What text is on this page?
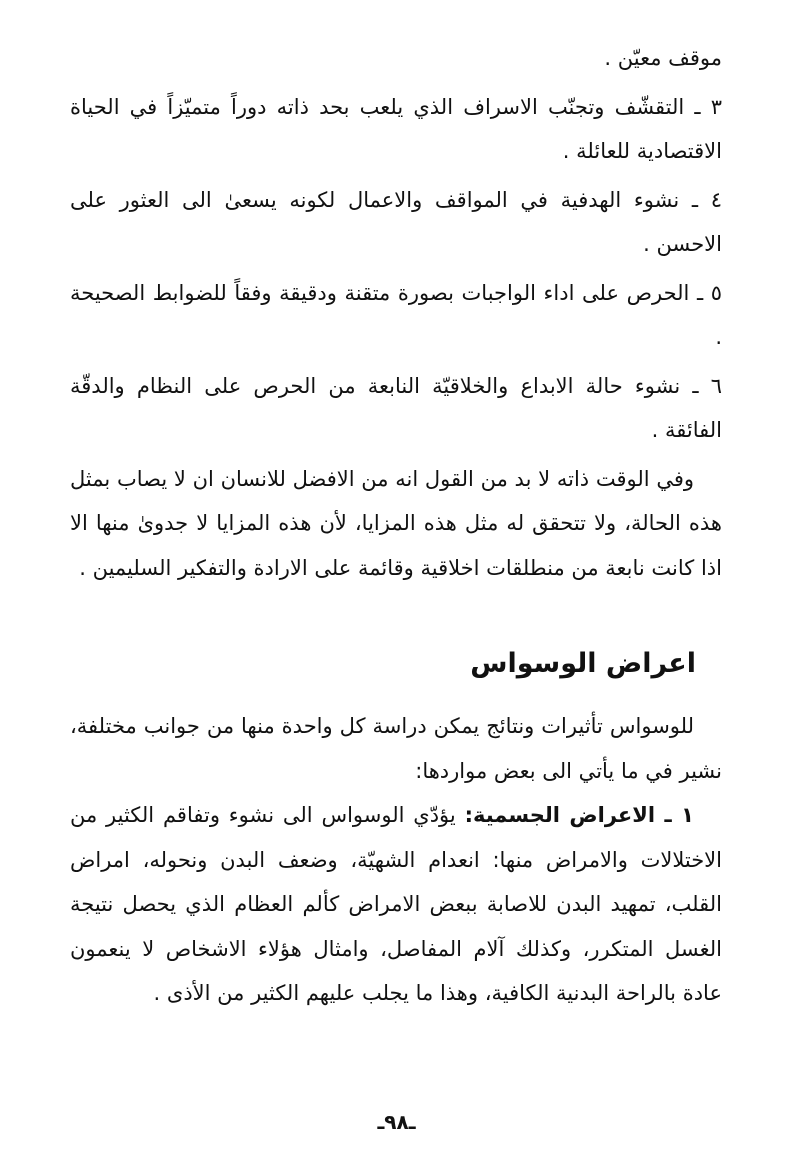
موقف معيّن .

٣ ـ التقشّف وتجنّب الاسراف الذي يلعب بحد ذاته دوراً متميّزاً في الحياة الاقتصادية للعائلة .

٤ ـ نشوء الهدفية في المواقف والاعمال لكونه يسعىٰ الى العثور على الاحسن .

٥ ـ الحرص على اداء الواجبات بصورة متقنة ودقيقة وفقاً للضوابط الصحيحة .

٦ ـ نشوء حالة الابداع والخلاقيّة النابعة من الحرص على النظام والدقّة الفائقة .

وفي الوقت ذاته لا بد من القول انه من الافضل للانسان ان لا يصاب بمثل هذه الحالة، ولا تتحقق له مثل هذه المزايا، لأن هذه المزايا لا جدوىٰ منها الا اذا كانت نابعة من منطلقات اخلاقية وقائمة على الارادة والتفكير السليمين .

اعراض الوسواس

للوسواس تأثيرات ونتائج يمكن دراسة كل واحدة منها من جوانب مختلفة، نشير في ما يأتي الى بعض مواردها:

١ ـ الاعراض الجسمية: يؤدّي الوسواس الى نشوء وتفاقم الكثير من الاختلالات والامراض منها: انعدام الشهيّة، وضعف البدن ونحوله، امراض القلب، تمهيد البدن للاصابة ببعض الامراض كألم العظام الذي يحصل نتيجة الغسل المتكرر، وكذلك آلام المفاصل، وامثال هؤلاء الاشخاص لا ينعمون عادة بالراحة البدنية الكافية، وهذا ما يجلب عليهم الكثير من الأذى .

ـ٩٨ـ
